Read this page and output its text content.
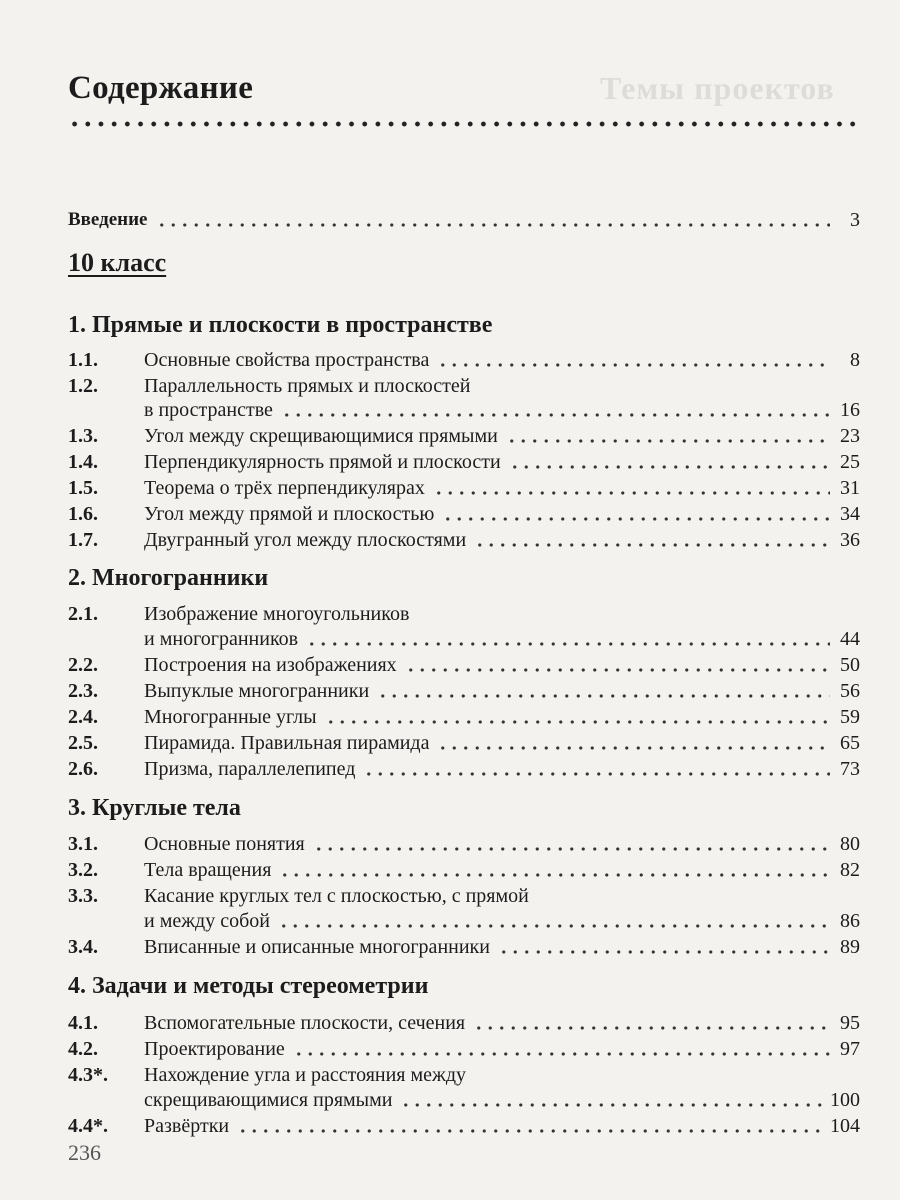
Темы проектов
Содержание
Введение	3
10 класс
1. Прямые и плоскости в пространстве
1.1.	Основные свойства пространства	8
1.2.	Параллельность прямых и плоскостей
в пространстве	16
1.3.	Угол между скрещивающимися прямыми	23
1.4.	Перпендикулярность прямой и плоскости	25
1.5.	Теорема о трёх перпендикулярах	31
1.6.	Угол между прямой и плоскостью	34
1.7.	Двугранный угол между плоскостями	36
2. Многогранники
2.1.	Изображение многоугольников
и многогранников	44
2.2.	Построения на изображениях	50
2.3.	Выпуклые многогранники	56
2.4.	Многогранные углы	59
2.5.	Пирамида. Правильная пирамида	65
2.6.	Призма, параллелепипед	73
3. Круглые тела
3.1.	Основные понятия	80
3.2.	Тела вращения	82
3.3.	Касание круглых тел с плоскостью, с прямой
и между собой	86
3.4.	Вписанные и описанные многогранники	89
4. Задачи и методы стереометрии
4.1.	Вспомогательные плоскости, сечения	95
4.2.	Проектирование	97
4.3*.	Нахождение угла и расстояния между
скрещивающимися прямыми	100
4.4*.	Развёртки	104
236
